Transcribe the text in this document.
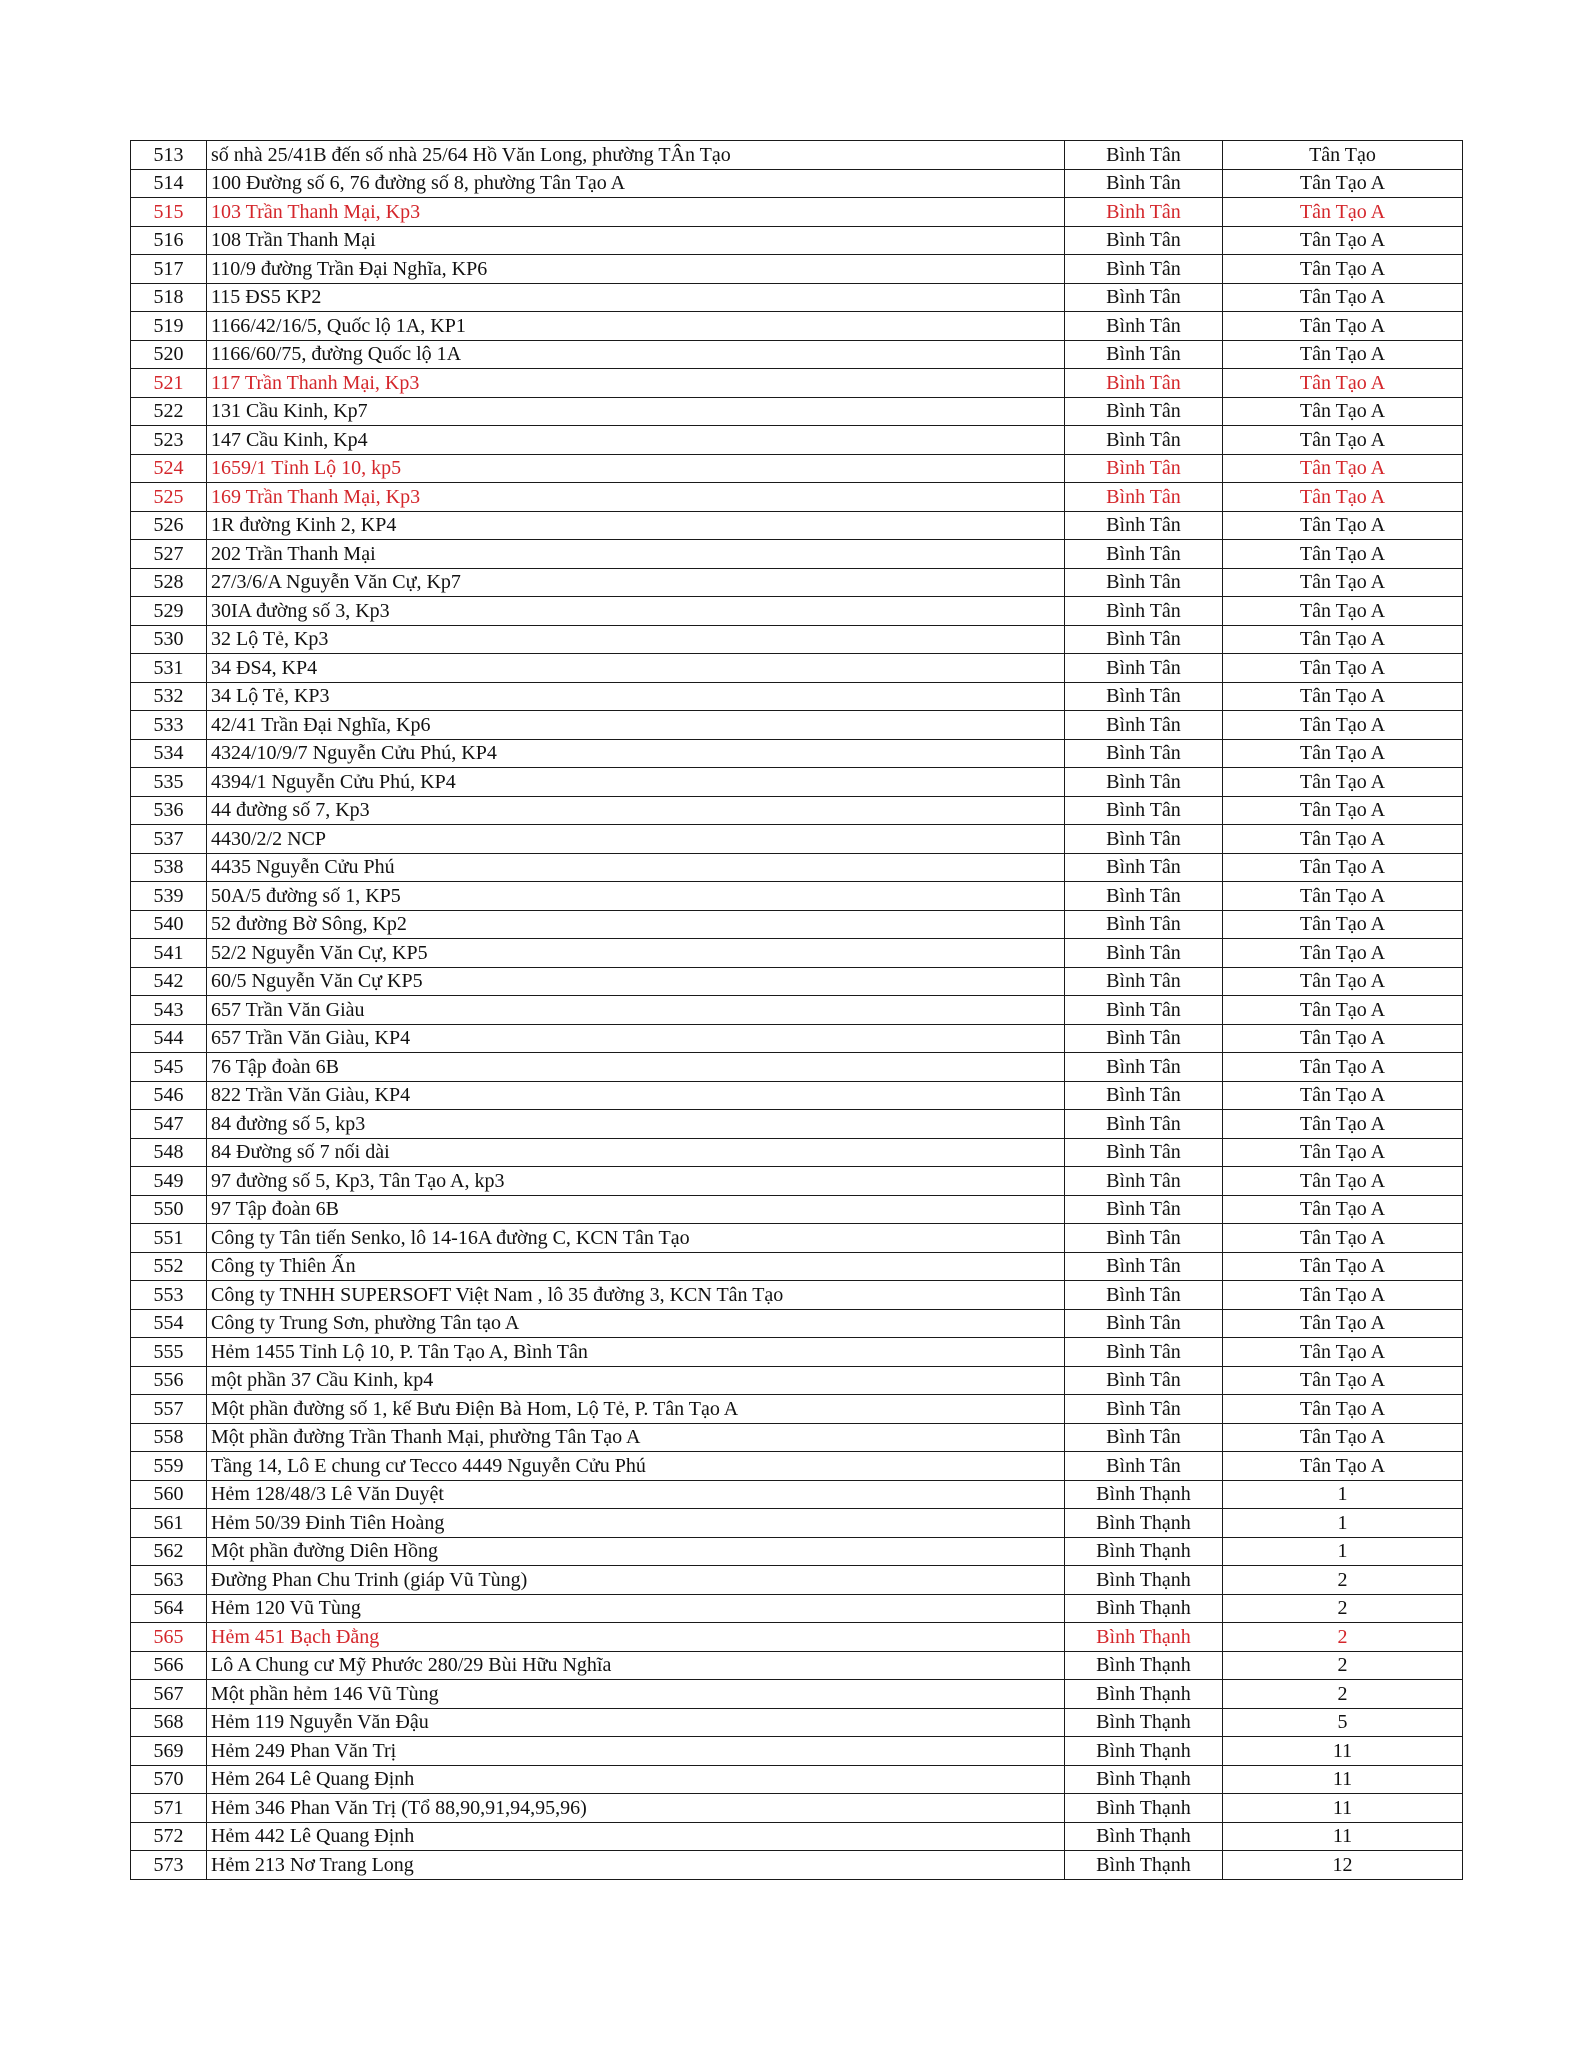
513	số nhà 25/41B đến số nhà 25/64 Hồ Văn Long, phường TÂn Tạo	Bình Tân	Tân Tạo
514	100 Đường số 6, 76 đường số 8, phường Tân Tạo A	Bình Tân	Tân Tạo A
515	103 Trần Thanh Mại, Kp3	Bình Tân	Tân Tạo A
516	108 Trần Thanh Mại	Bình Tân	Tân Tạo A
517	110/9 đường Trần Đại Nghĩa, KP6	Bình Tân	Tân Tạo A
518	115 ĐS5 KP2	Bình Tân	Tân Tạo A
519	1166/42/16/5, Quốc lộ 1A, KP1	Bình Tân	Tân Tạo A
520	1166/60/75, đường Quốc lộ 1A	Bình Tân	Tân Tạo A
521	117 Trần Thanh Mại, Kp3	Bình Tân	Tân Tạo A
522	131 Cầu Kinh, Kp7	Bình Tân	Tân Tạo A
523	147 Cầu Kinh, Kp4	Bình Tân	Tân Tạo A
524	1659/1 Tỉnh Lộ 10, kp5	Bình Tân	Tân Tạo A
525	169 Trần Thanh Mại, Kp3	Bình Tân	Tân Tạo A
526	1R đường Kinh 2, KP4	Bình Tân	Tân Tạo A
527	202 Trần Thanh Mại	Bình Tân	Tân Tạo A
528	27/3/6/A Nguyễn Văn Cự, Kp7	Bình Tân	Tân Tạo A
529	30IA đường số 3, Kp3	Bình Tân	Tân Tạo A
530	32 Lộ Tẻ, Kp3	Bình Tân	Tân Tạo A
531	34 ĐS4, KP4	Bình Tân	Tân Tạo A
532	34 Lộ Tẻ, KP3	Bình Tân	Tân Tạo A
533	42/41 Trần Đại Nghĩa, Kp6	Bình Tân	Tân Tạo A
534	4324/10/9/7 Nguyễn Cửu Phú, KP4	Bình Tân	Tân Tạo A
535	4394/1 Nguyễn Cửu Phú, KP4	Bình Tân	Tân Tạo A
536	44 đường số 7, Kp3	Bình Tân	Tân Tạo A
537	4430/2/2 NCP	Bình Tân	Tân Tạo A
538	4435 Nguyễn Cửu Phú	Bình Tân	Tân Tạo A
539	50A/5 đường số 1, KP5	Bình Tân	Tân Tạo A
540	52 đường Bờ Sông, Kp2	Bình Tân	Tân Tạo A
541	52/2 Nguyễn Văn Cự, KP5	Bình Tân	Tân Tạo A
542	60/5 Nguyễn Văn Cự KP5	Bình Tân	Tân Tạo A
543	657 Trần Văn Giàu	Bình Tân	Tân Tạo A
544	657 Trần Văn Giàu, KP4	Bình Tân	Tân Tạo A
545	76 Tập đoàn 6B	Bình Tân	Tân Tạo A
546	822 Trần Văn Giàu, KP4	Bình Tân	Tân Tạo A
547	84 đường số 5, kp3	Bình Tân	Tân Tạo A
548	84 Đường số 7 nối dài	Bình Tân	Tân Tạo A
549	97 đường số 5, Kp3, Tân Tạo A, kp3	Bình Tân	Tân Tạo A
550	97 Tập đoàn 6B	Bình Tân	Tân Tạo A
551	Công ty Tân tiến Senko, lô 14-16A đường C, KCN Tân Tạo	Bình Tân	Tân Tạo A
552	Công ty Thiên Ấn	Bình Tân	Tân Tạo A
553	Công ty TNHH SUPERSOFT Việt Nam , lô 35 đường 3, KCN Tân Tạo	Bình Tân	Tân Tạo A
554	Công ty Trung Sơn, phường Tân tạo A	Bình Tân	Tân Tạo A
555	Hẻm 1455 Tỉnh Lộ 10, P. Tân Tạo A, Bình Tân	Bình Tân	Tân Tạo A
556	một phần 37 Cầu Kinh, kp4	Bình Tân	Tân Tạo A
557	Một phần đường số 1, kế Bưu Điện Bà Hom, Lộ Tẻ, P. Tân Tạo A	Bình Tân	Tân Tạo A
558	Một phần đường Trần Thanh Mại, phường Tân Tạo A	Bình Tân	Tân Tạo A
559	Tầng 14, Lô E chung cư Tecco 4449 Nguyễn Cửu Phú	Bình Tân	Tân Tạo A
560	Hẻm 128/48/3 Lê Văn Duyệt	Bình Thạnh	1
561	Hẻm 50/39 Đinh Tiên Hoàng	Bình Thạnh	1
562	Một phần đường Diên Hồng	Bình Thạnh	1
563	Đường Phan Chu Trinh (giáp Vũ Tùng)	Bình Thạnh	2
564	Hẻm 120 Vũ Tùng	Bình Thạnh	2
565	Hẻm 451 Bạch Đằng	Bình Thạnh	2
566	Lô A Chung cư Mỹ Phước 280/29 Bùi Hữu Nghĩa	Bình Thạnh	2
567	Một phần hẻm 146 Vũ Tùng	Bình Thạnh	2
568	Hẻm 119 Nguyễn Văn Đậu	Bình Thạnh	5
569	Hẻm 249 Phan Văn Trị	Bình Thạnh	11
570	Hẻm 264 Lê Quang Định	Bình Thạnh	11
571	Hẻm 346 Phan Văn Trị (Tổ 88,90,91,94,95,96)	Bình Thạnh	11
572	Hẻm 442 Lê Quang Định	Bình Thạnh	11
573	Hẻm 213 Nơ Trang Long	Bình Thạnh	12
